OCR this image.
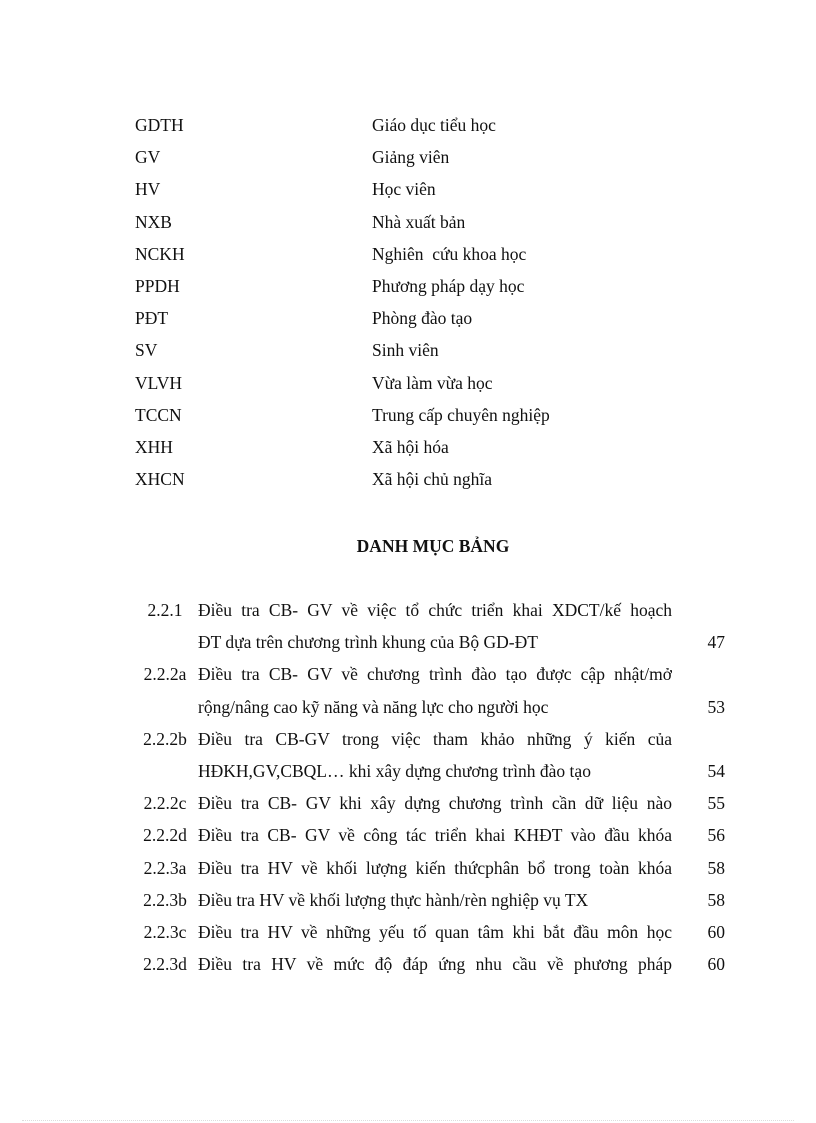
GDTH	Giáo dục tiểu học
GV	Giảng viên
HV	Học viên
NXB	Nhà xuất bản
NCKH	Nghiên  cứu khoa học
PPDH	Phương pháp dạy học
PĐT	Phòng đào tạo
SV	Sinh viên
VLVH	Vừa làm vừa học
TCCN	Trung cấp chuyên nghiệp
XHH	Xã hội hóa
XHCN	Xã hội chủ nghĩa
DANH MỤC BẢNG
2.2.1 Điều tra CB- GV về việc tổ chức triển khai XDCT/kế hoạch
ĐT dựa trên chương trình khung của Bộ GD-ĐT	47
2.2.2a Điều tra CB- GV về chương trình đào tạo được cập nhật/mở
rộng/nâng cao kỹ năng và năng lực cho người học	53
2.2.2b Điều tra CB-GV trong việc tham khảo những ý kiến của
HĐKH,GV,CBQL… khi xây dựng chương trình đào tạo	54
2.2.2c Điều tra CB- GV khi xây dựng chương trình cần dữ liệu nào	55
2.2.2d Điều tra CB- GV về công tác triển khai KHĐT vào đầu khóa	56
2.2.3a Điều tra HV về khối lượng kiến thứcphân bổ trong toàn khóa	58
2.2.3b Điều tra HV về khối lượng thực hành/rèn nghiệp vụ TX	58
2.2.3c Điều tra HV về những yếu tố quan tâm khi bắt đầu môn học	60
2.2.3d Điều tra HV về mức độ đáp ứng nhu cầu về phương pháp	60
